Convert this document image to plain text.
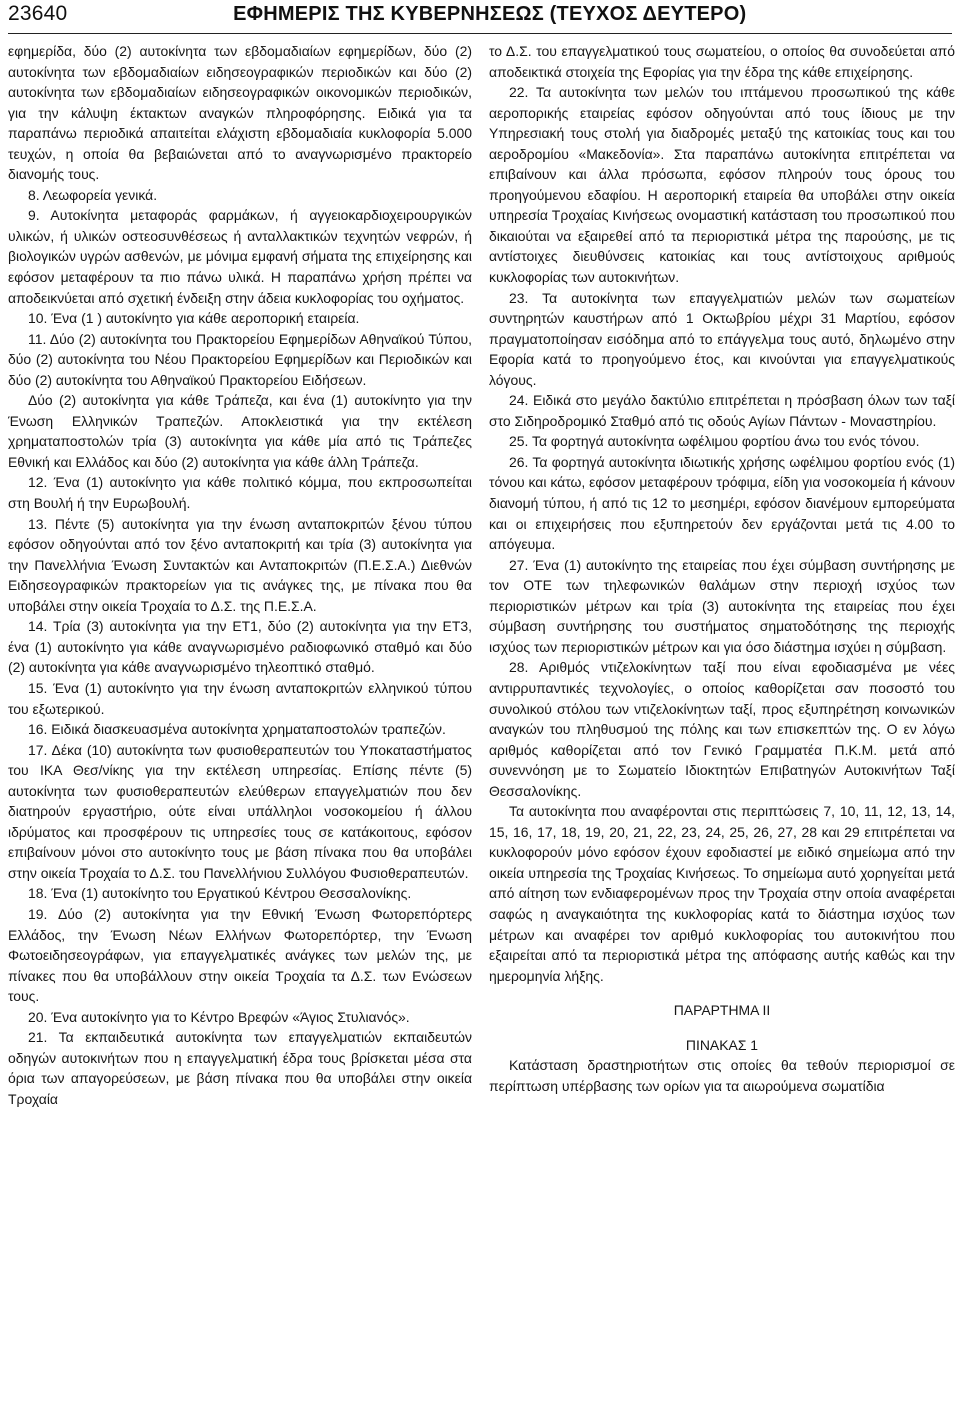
23640	ΕΦΗΜΕΡΙΣ ΤΗΣ ΚΥΒΕΡΝΗΣΕΩΣ (ΤΕΥΧΟΣ ΔΕΥΤΕΡΟ)

εφημερίδα, δύο (2) αυτοκίνητα των εβδομαδιαίων εφημερίδων, δύο (2) αυτοκίνητα των εβδομαδιαίων ειδησεογραφικών περιοδικών και δύο (2) αυτοκίνητα των εβδομαδιαίων ειδησεογραφικών οικονομικών περιοδικών, για την κάλυψη έκτακτων αναγκών πληροφόρησης. Ειδικά για τα παραπάνω περιοδικά απαιτείται ελάχιστη εβδομαδιαία κυκλοφορία 5.000 τευχών, η οποία θα βεβαιώνεται από το αναγνωρισμένο πρακτορείο διανομής τους.

8. Λεωφορεία γενικά.

9. Αυτοκίνητα μεταφοράς φαρμάκων, ή αγγειοκαρδιοχειρουργικών υλικών, ή υλικών οστεοσυνθέσεως ή ανταλλακτικών τεχνητών νεφρών, ή βιολογικών υγρών ασθενών, με μόνιμα εμφανή σήματα της επιχείρησης και εφόσον μεταφέρουν τα πιο πάνω υλικά. Η παραπάνω χρήση πρέπει να αποδεικνύεται από σχετική ένδειξη στην άδεια κυκλοφορίας του οχήματος.

10. Ένα (1 ) αυτοκίνητο για κάθε αεροπορική εταιρεία.

11. Δύο (2) αυτοκίνητα του Πρακτορείου Εφημερίδων Αθηναϊκού Τύπου, δύο (2) αυτοκίνητα του Νέου Πρακτορείου Εφημερίδων και Περιοδικών και δύο (2) αυτοκίνητα του Αθηναϊκού Πρακτορείου Ειδήσεων.

Δύο (2) αυτοκίνητα για κάθε Τράπεζα, και ένα (1) αυτοκίνητο για την Ένωση Ελληνικών Τραπεζών. Αποκλειστικά για την εκτέλεση χρηματαποστολών τρία (3) αυτοκίνητα για κάθε μία από τις Τράπεζες Εθνική και Ελλάδος και δύο (2) αυτοκίνητα για κάθε άλλη Τράπεζα.

12. Ένα (1) αυτοκίνητο για κάθε πολιτικό κόμμα, που εκπροσωπείται στη Βουλή ή την Ευρωβουλή.

13. Πέντε (5) αυτοκίνητα για την ένωση ανταποκριτών ξένου τύπου εφόσον οδηγούνται από τον ξένο ανταποκριτή και τρία (3) αυτοκίνητα για την Πανελλήνια Ένωση Συντακτών και Ανταποκριτών (Π.Ε.Σ.Α.) Διεθνών Ειδησεογραφικών πρακτορείων για τις ανάγκες της, με πίνακα που θα υποβάλει στην οικεία Τροχαία το Δ.Σ. της Π.Ε.Σ.Α.

14. Τρία (3) αυτοκίνητα για την ΕΤ1, δύο (2) αυτοκίνητα για την ΕΤ3, ένα (1) αυτοκίνητο για κάθε αναγνωρισμένο ραδιοφωνικό σταθμό και δύο (2) αυτοκίνητα για κάθε αναγνωρισμένο τηλεοπτικό σταθμό.

15. Ένα (1) αυτοκίνητο για την ένωση ανταποκριτών ελληνικού τύπου του εξωτερικού.

16. Ειδικά διασκευασμένα αυτοκίνητα χρηματαποστολών τραπεζών.

17. Δέκα (10) αυτοκίνητα των φυσιοθεραπευτών του Υποκαταστήματος του ΙΚΑ Θεσ/νίκης για την εκτέλεση υπηρεσίας. Επίσης πέντε (5) αυτοκίνητα των φυσιοθεραπευτών ελεύθερων επαγγελματιών που δεν διατηρούν εργαστήριο, ούτε είναι υπάλληλοι νοσοκομείου ή άλλου ιδρύματος και προσφέρουν τις υπηρεσίες τους σε κατάκοιτους, εφόσον επιβαίνουν μόνοι στο αυτοκίνητο τους με βάση πίνακα που θα υποβάλει στην οικεία Τροχαία το Δ.Σ. του Πανελλήνιου Συλλόγου Φυσιοθεραπευτών.

18. Ένα (1) αυτοκίνητο του Εργατικού Κέντρου Θεσσαλονίκης.

19. Δύο (2) αυτοκίνητα για την Εθνική Ένωση Φωτορεπόρτερς Ελλάδος, την Ένωση Νέων Ελλήνων Φωτορεπόρτερ, την Ένωση Φωτοειδησεογράφων, για επαγγελματικές ανάγκες των μελών της, με πίνακες που θα υποβάλλουν στην οικεία Τροχαία τα Δ.Σ. των Ενώσεων τους.

20. Ένα αυτοκίνητο για το Κέντρο Βρεφών «Άγιος Στυλιανός».

21. Τα εκπαιδευτικά αυτοκίνητα των επαγγελματιών εκπαιδευτών οδηγών αυτοκινήτων που η επαγγελματική έδρα τους βρίσκεται μέσα στα όρια των απαγορεύσεων, με βάση πίνακα που θα υποβάλει στην οικεία Τροχαία

το Δ.Σ. του επαγγελματικού τους σωματείου, ο οποίος θα συνοδεύεται από αποδεικτικά στοιχεία της Εφορίας για την έδρα της κάθε επιχείρησης.

22. Τα αυτοκίνητα των μελών του ιπτάμενου προσωπικού της κάθε αεροπορικής εταιρείας εφόσον οδηγούνται από τους ίδιους με την Υπηρεσιακή τους στολή για διαδρομές μεταξύ της κατοικίας τους και του αεροδρομίου «Μακεδονία». Στα παραπάνω αυτοκίνητα επιτρέπεται να επιβαίνουν και άλλα πρόσωπα, εφόσον πληρούν τους όρους του προηγούμενου εδαφίου. Η αεροπορική εταιρεία θα υποβάλει στην οικεία υπηρεσία Τροχαίας Κινήσεως ονομαστική κατάσταση του προσωπικού που δικαιούται να εξαιρεθεί από τα περιοριστικά μέτρα της παρούσης, με τις αντίστοιχες διευθύνσεις κατοικίας και τους αντίστοιχους αριθμούς κυκλοφορίας των αυτοκινήτων.

23. Τα αυτοκίνητα των επαγγελματιών μελών των σωματείων συντηρητών καυστήρων από 1 Οκτωβρίου μέχρι 31 Μαρτίου, εφόσον πραγματοποίησαν εισόδημα από το επάγγελμα τους αυτό, δηλωμένο στην Εφορία κατά το προηγούμενο έτος, και κινούνται για επαγγελματικούς λόγους.

24. Ειδικά στο μεγάλο δακτύλιο επιτρέπεται η πρόσβαση όλων των ταξί στο Σιδηροδρομικό Σταθμό από τις οδούς Αγίων Πάντων - Μοναστηρίου.

25. Τα φορτηγά αυτοκίνητα ωφέλιμου φορτίου άνω του ενός τόνου.

26. Τα φορτηγά αυτοκίνητα ιδιωτικής χρήσης ωφέλιμου φορτίου ενός (1) τόνου και κάτω, εφόσον μεταφέρουν τρόφιμα, είδη για νοσοκομεία ή κάνουν διανομή τύπου, ή από τις 12 το μεσημέρι, εφόσον διανέμουν εμπορεύματα και οι επιχειρήσεις που εξυπηρετούν δεν εργάζονται μετά τις 4.00 το απόγευμα.

27. Ένα (1) αυτοκίνητο της εταιρείας που έχει σύμβαση συντήρησης με τον ΟΤΕ των τηλεφωνικών θαλάμων στην περιοχή ισχύος των περιοριστικών μέτρων και τρία (3) αυτοκίνητα της εταιρείας που έχει σύμβαση συντήρησης του συστήματος σηματοδότησης της περιοχής ισχύος των περιοριστικών μέτρων και για όσο διάστημα ισχύει η σύμβαση.

28. Αριθμός ντιζελοκίνητων ταξί που είναι εφοδιασμένα με νέες αντιρρυπαντικές τεχνολογίες, ο οποίος καθορίζεται σαν ποσοστό του συνολικού στόλου των ντιζελοκίνητων ταξί, προς εξυπηρέτηση κοινωνικών αναγκών του πληθυσμού της πόλης και των επισκεπτών της. Ο εν λόγω αριθμός καθορίζεται από τον Γενικό Γραμματέα Π.Κ.Μ. μετά από συνεννόηση με το Σωματείο Ιδιοκτητών Επιβατηγών Αυτοκινήτων Ταξί Θεσσαλονίκης.

Τα αυτοκίνητα που αναφέρονται στις περιπτώσεις 7, 10, 11, 12, 13, 14, 15, 16, 17, 18, 19, 20, 21, 22, 23, 24, 25, 26, 27, 28 και 29 επιτρέπεται να κυκλοφορούν μόνο εφόσον έχουν εφοδιαστεί με ειδικό σημείωμα από την οικεία υπηρεσία της Τροχαίας Κινήσεως. Το σημείωμα αυτό χορηγείται μετά από αίτηση των ενδιαφερομένων προς την Τροχαία στην οποία αναφέρεται σαφώς η αναγκαιότητα της κυκλοφορίας κατά το διάστημα ισχύος των μέτρων και αναφέρει τον αριθμό κυκλοφορίας του αυτοκινήτου που εξαιρείται από τα περιοριστικά μέτρα της απόφασης αυτής καθώς και την ημερομηνία λήξης.

ΠΑΡΑΡΤΗΜΑ ΙΙ

ΠΙΝΑΚΑΣ 1

Κατάσταση δραστηριοτήτων στις οποίες θα τεθούν περιορισμοί σε περίπτωση υπέρβασης των ορίων για τα αιωρούμενα σωματίδια
